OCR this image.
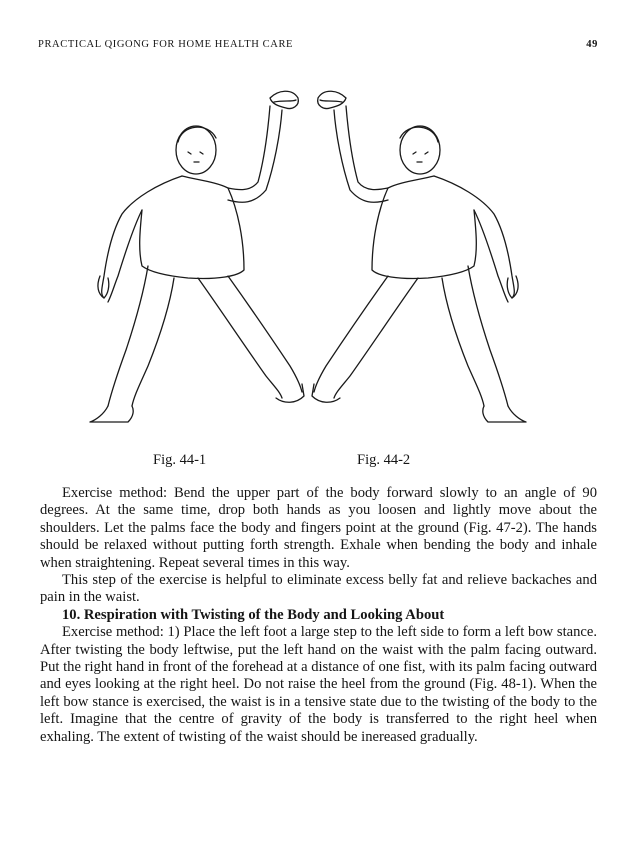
PRACTICAL QIGONG FOR HOME HEALTH CARE	49
Fig. 44-1	Fig. 44-2

Exercise method: Bend the upper part of the body forward slowly to an angle of 90 degrees. At the same time, drop both hands as you loosen and lightly move about the shoulders. Let the palms face the body and fingers point at the ground (Fig. 47-2). The hands should be relaxed without putting forth strength. Exhale when bending the body and inhale when straightening. Repeat several times in this way.

This step of the exercise is helpful to eliminate excess belly fat and relieve backaches and pain in the waist.

10. Respiration with Twisting of the Body and Looking About

Exercise method: 1) Place the left foot a large step to the left side to form a left bow stance. After twisting the body leftwise, put the left hand on the waist with the palm facing outward. Put the right hand in front of the forehead at a distance of one fist, with its palm facing outward and eyes looking at the right heel. Do not raise the heel from the ground (Fig. 48-1). When the left bow stance is exercised, the waist is in a tensive state due to the twisting of the body to the left. Imagine that the centre of gravity of the body is transferred to the right heel when exhaling. The extent of twisting of the waist should be inereased gradually.
